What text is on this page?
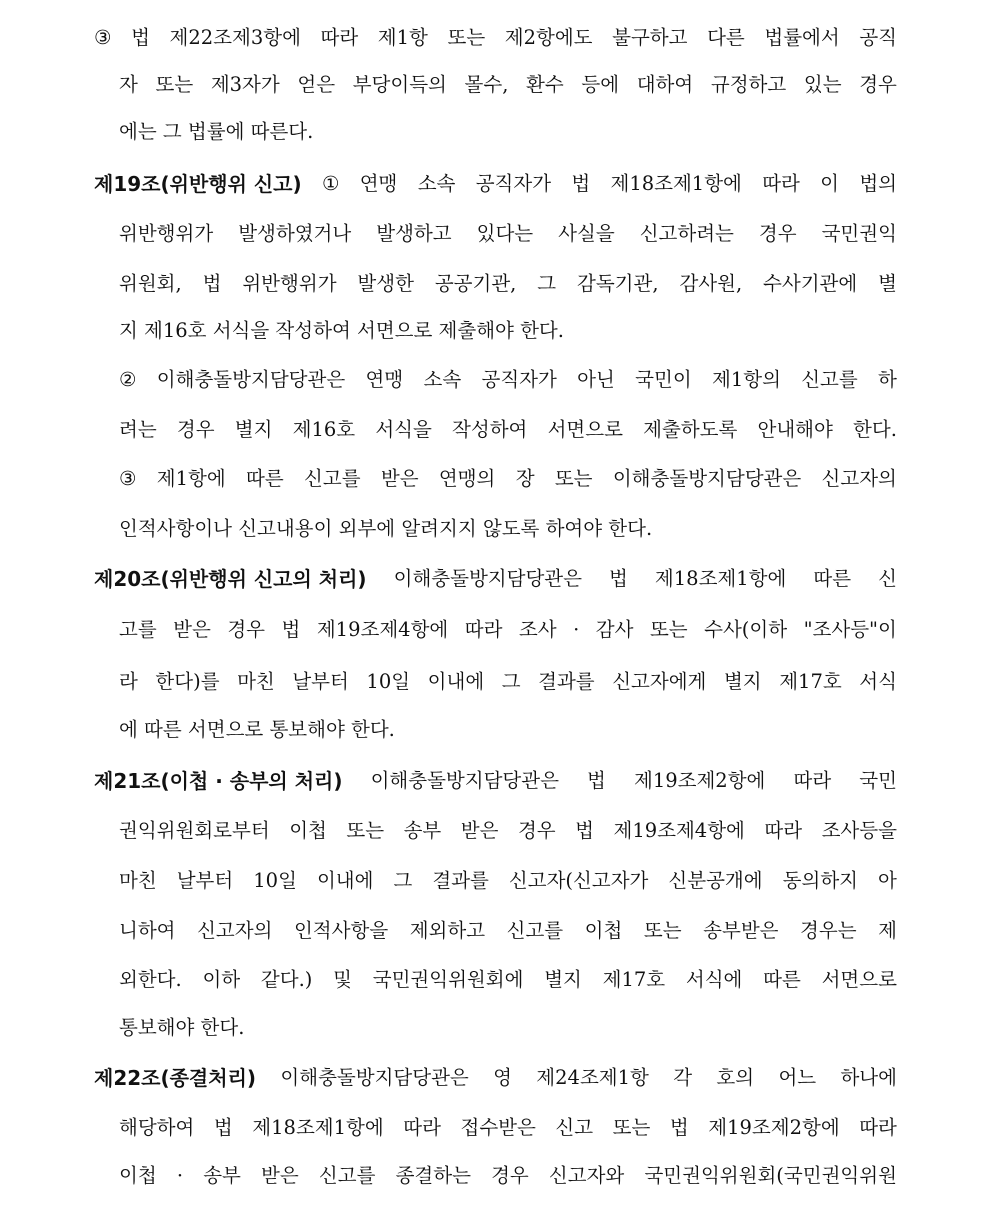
③ 법 제22조제3항에 따라 제1항 또는 제2항에도 불구하고 다른 법률에서 공직
자 또는 제3자가 얻은 부당이득의 몰수, 환수 등에 대하여 규정하고 있는 경우
에는 그 법률에 따른다.
제19조(위반행위 신고) ① 연맹 소속 공직자가 법 제18조제1항에 따라 이 법의
위반행위가 발생하였거나 발생하고 있다는 사실을 신고하려는 경우 국민권익
위원회, 법 위반행위가 발생한 공공기관, 그 감독기관, 감사원, 수사기관에 별
지 제16호 서식을 작성하여 서면으로 제출해야 한다.
② 이해충돌방지담당관은 연맹 소속 공직자가 아닌 국민이 제1항의 신고를 하
려는 경우 별지 제16호 서식을 작성하여 서면으로 제출하도록 안내해야 한다.
③ 제1항에 따른 신고를 받은 연맹의 장 또는 이해충돌방지담당관은 신고자의
인적사항이나 신고내용이 외부에 알려지지 않도록 하여야 한다.
제20조(위반행위 신고의 처리) 이해충돌방지담당관은 법 제18조제1항에 따른 신
고를 받은 경우 법 제19조제4항에 따라 조사 · 감사 또는 수사(이하 "조사등"이
라 한다)를 마친 날부터 10일 이내에 그 결과를 신고자에게 별지 제17호 서식
에 따른 서면으로 통보해야 한다.
제21조(이첩 · 송부의 처리) 이해충돌방지담당관은 법 제19조제2항에 따라 국민
권익위원회로부터 이첩 또는 송부 받은 경우 법 제19조제4항에 따라 조사등을
마친 날부터 10일 이내에 그 결과를 신고자(신고자가 신분공개에 동의하지 아
니하여 신고자의 인적사항을 제외하고 신고를 이첩 또는 송부받은 경우는 제
외한다. 이하 같다.) 및 국민권익위원회에 별지 제17호 서식에 따른 서면으로
통보해야 한다.
제22조(종결처리) 이해충돌방지담당관은 영 제24조제1항 각 호의 어느 하나에
해당하여 법 제18조제1항에 따라 접수받은 신고 또는 법 제19조제2항에 따라
이첩 · 송부 받은 신고를 종결하는 경우 신고자와 국민권익위원회(국민권익위원
